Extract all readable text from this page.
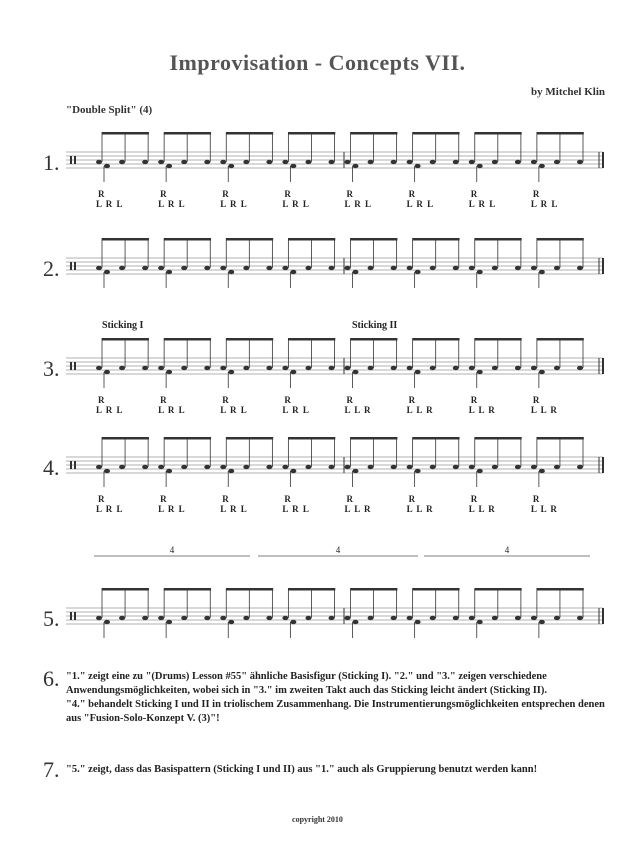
Improvisation - Concepts VII.
by Mitchel Klin
"Double Split" (4)
1.
2.
3.
4.
5.
Sticking I	Sticking II
R
L R L
R
L R L
R
L R L
R
L R L
R
L R L
R
L R L
R
L R L
R
L R L
R
L R L
R
L R L
R
L R L
R
L R L
R
L L R
R
L L R
R
L L R
R
L L R
R
L R L
R
L R L
R
L R L
R
L R L
R
L L R
R
L L R
R
L L R
R
L L R
4	4	4
6. "1." zeigt eine zu "(Drums) Lesson #55" ähnliche Basisfigur (Sticking I). "2." und "3." zeigen verschiedene Anwendungsmöglichkeiten, wobei sich in "3." im zweiten Takt auch das Sticking leicht ändert (Sticking II).
"4." behandelt Sticking I und II in triolischem Zusammenhang. Die Instrumentierungsmöglichkeiten entsprechen denen aus "Fusion-Solo-Konzept V. (3)"!
7. "5." zeigt, dass das Basispattern (Sticking I und II) aus "1." auch als Gruppierung benutzt werden kann!
copyright 2010
